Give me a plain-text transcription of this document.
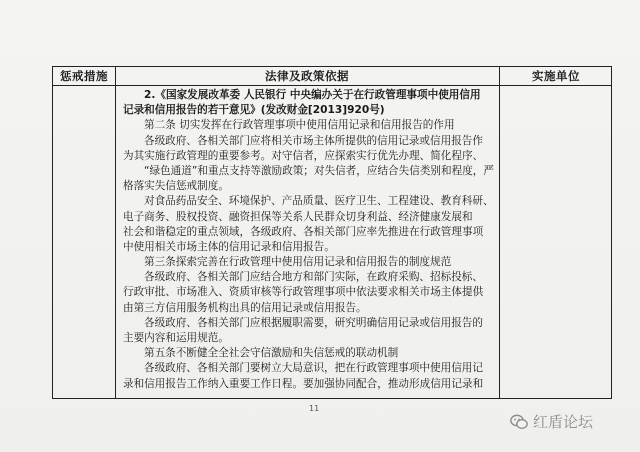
惩戒措施	法律及政策依据	实施单位
2.《国家发展改革委 人民银行 中央编办关于在行政管理事项中使用信用
记录和信用报告的若干意见》(发改财金[2013]920号)
第二条 切实发挥在行政管理事项中使用信用记录和信用报告的作用
各级政府、各相关部门应将相关市场主体所提供的信用记录或信用报告作
为其实施行政管理的重要参考。对守信者，应探索实行优先办理、简化程序、
“绿色通道”和重点支持等激励政策；对失信者，应结合失信类别和程度，严
格落实失信惩戒制度。
对食品药品安全、环境保护、产品质量、医疗卫生、工程建设、教育科研、
电子商务、股权投资、融资担保等关系人民群众切身利益、经济健康发展和
社会和谐稳定的重点领域，各级政府、各相关部门应率先推进在行政管理事项
中使用相关市场主体的信用记录和信用报告。
第三条探索完善在行政管理中使用信用记录和信用报告的制度规范
各级政府、各相关部门应结合地方和部门实际，在政府采购、招标投标、
行政审批、市场准入、资质审核等行政管理事项中依法要求相关市场主体提供
由第三方信用服务机构出具的信用记录或信用报告。
各级政府、各相关部门应根据履职需要，研究明确信用记录或信用报告的
主要内容和运用规范。
第五条不断健全全社会守信激励和失信惩戒的联动机制
各级政府、各相关部门要树立大局意识，把在行政管理事项中使用信用记
录和信用报告工作纳入重要工作日程。要加强协同配合，推动形成信用记录和
11
红盾论坛
